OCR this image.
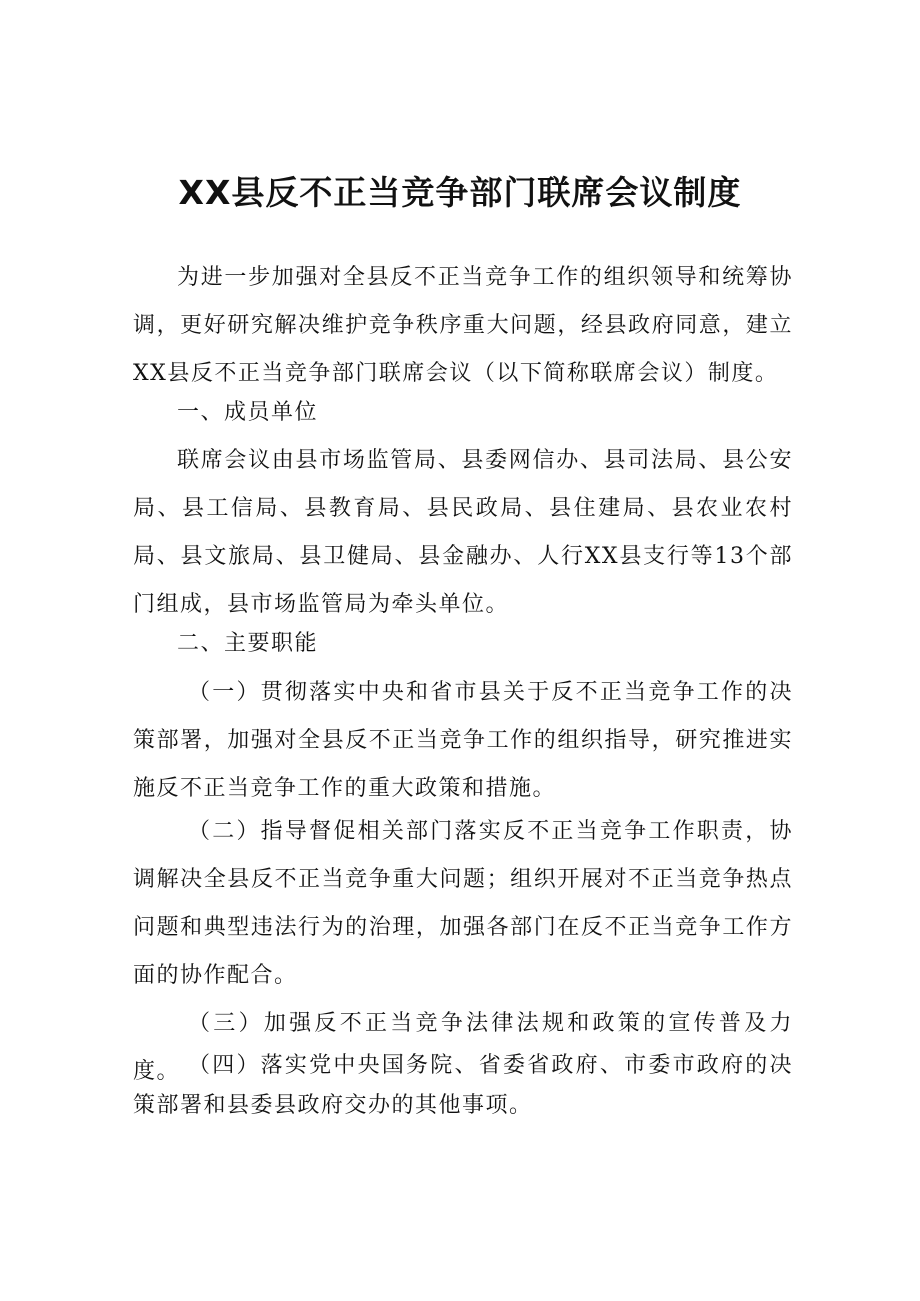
XX县反不正当竞争部门联席会议制度

为进一步加强对全县反不正当竞争工作的组织领导和统筹协调，更好研究解决维护竞争秩序重大问题，经县政府同意，建立XX县反不正当竞争部门联席会议（以下简称联席会议）制度。

一、成员单位

联席会议由县市场监管局、县委网信办、县司法局、县公安局、县工信局、县教育局、县民政局、县住建局、县农业农村局、县文旅局、县卫健局、县金融办、人行XX县支行等13个部门组成，县市场监管局为牵头单位。

二、主要职能

（一）贯彻落实中央和省市县关于反不正当竞争工作的决策部署，加强对全县反不正当竞争工作的组织指导，研究推进实施反不正当竞争工作的重大政策和措施。

（二）指导督促相关部门落实反不正当竞争工作职责，协调解决全县反不正当竞争重大问题；组织开展对不正当竞争热点问题和典型违法行为的治理，加强各部门在反不正当竞争工作方面的协作配合。

（三）加强反不正当竞争法律法规和政策的宣传普及力度。 （四）落实党中央国务院、省委省政府、市委市政府的决策部署和县委县政府交办的其他事项。
